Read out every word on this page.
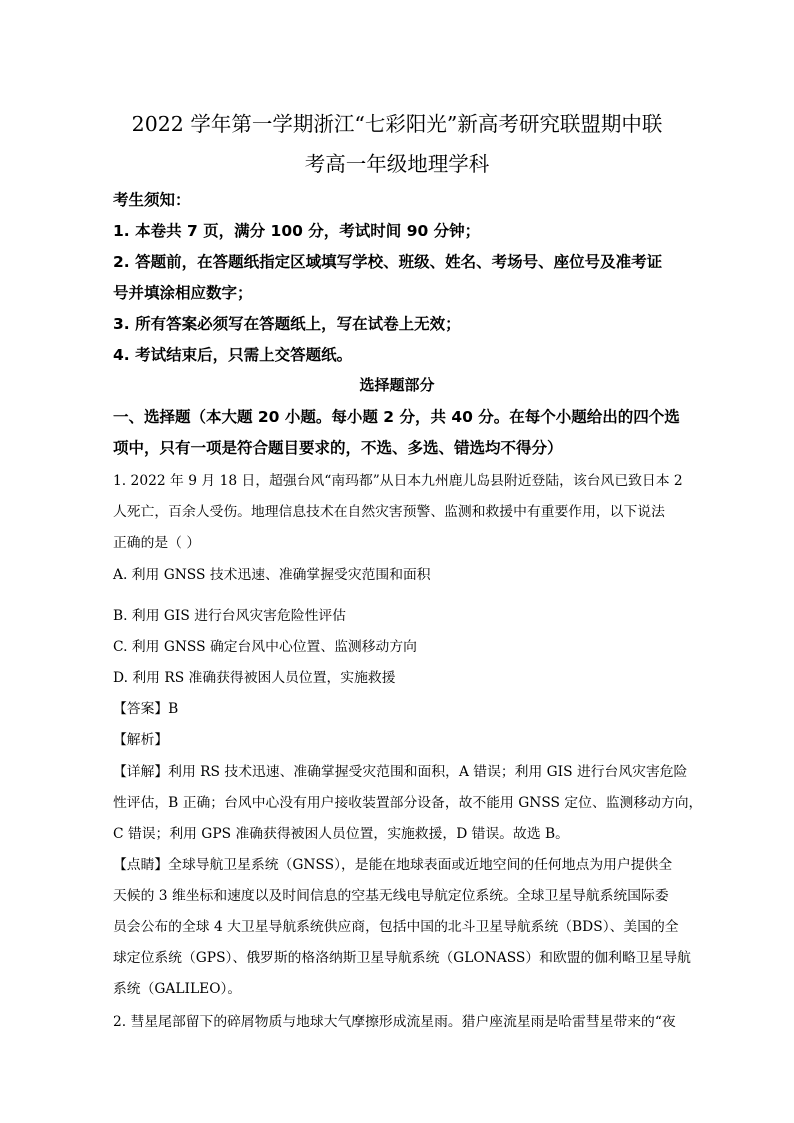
2022 学年第一学期浙江“七彩阳光”新高考研究联盟期中联
考高一年级地理学科
考生须知：
1. 本卷共 7 页，满分 100 分，考试时间 90 分钟；
2. 答题前，在答题纸指定区域填写学校、班级、姓名、考场号、座位号及准考证
号并填涂相应数字；
3. 所有答案必须写在答题纸上，写在试卷上无效；
4. 考试结束后，只需上交答题纸。
选择题部分
一、选择题（本大题 20 小题。每小题 2 分，共 40 分。在每个小题给出的四个选
项中，只有一项是符合题目要求的，不选、多选、错选均不得分）
1. 2022 年 9 月 18 日，超强台风“南玛都”从日本九州鹿儿岛县附近登陆，该台风已致日本 2
人死亡，百余人受伤。地理信息技术在自然灾害预警、监测和救援中有重要作用，以下说法
正确的是（ ）
A. 利用 GNSS 技术迅速、准确掌握受灾范围和面积
B. 利用 GIS 进行台风灾害危险性评估
C. 利用 GNSS 确定台风中心位置、监测移动方向
D. 利用 RS 准确获得被困人员位置，实施救援
【答案】B
【解析】
【详解】利用 RS 技术迅速、准确掌握受灾范围和面积，A 错误；利用 GIS 进行台风灾害危险
性评估，B 正确；台风中心没有用户接收装置部分设备，故不能用 GNSS 定位、监测移动方向，
C 错误；利用 GPS 准确获得被困人员位置，实施救援，D 错误。故选 B。
【点睛】全球导航卫星系统（GNSS），是能在地球表面或近地空间的任何地点为用户提供全
天候的 3 维坐标和速度以及时间信息的空基无线电导航定位系统。全球卫星导航系统国际委
员会公布的全球 4 大卫星导航系统供应商，包括中国的北斗卫星导航系统（BDS）、美国的全
球定位系统（GPS）、俄罗斯的格洛纳斯卫星导航系统（GLONASS）和欧盟的伽利略卫星导航
系统（GALILEO）。
2. 彗星尾部留下的碎屑物质与地球大气摩擦形成流星雨。猎户座流星雨是哈雷彗星带来的“夜
